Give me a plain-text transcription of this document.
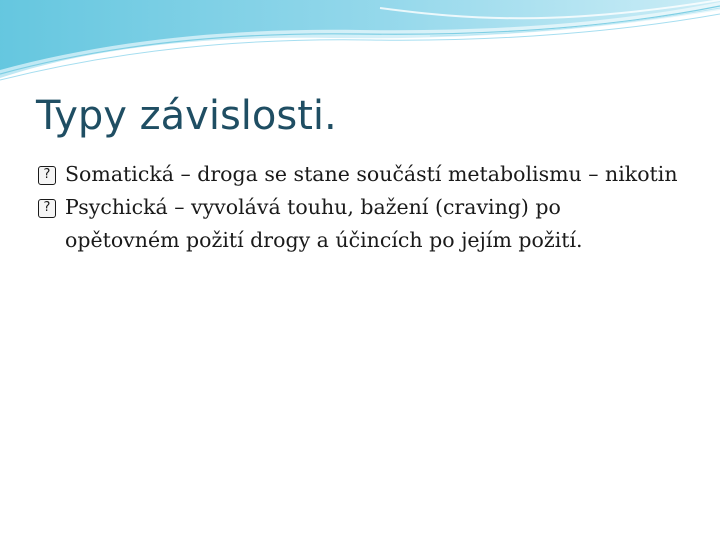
Typy závislosti.
? Somatická – droga se stane součástí metabolismu – nikotin
? Psychická – vyvolává touhu, bažení (craving) po opětovném požití drogy a účincích po jejím požití.
